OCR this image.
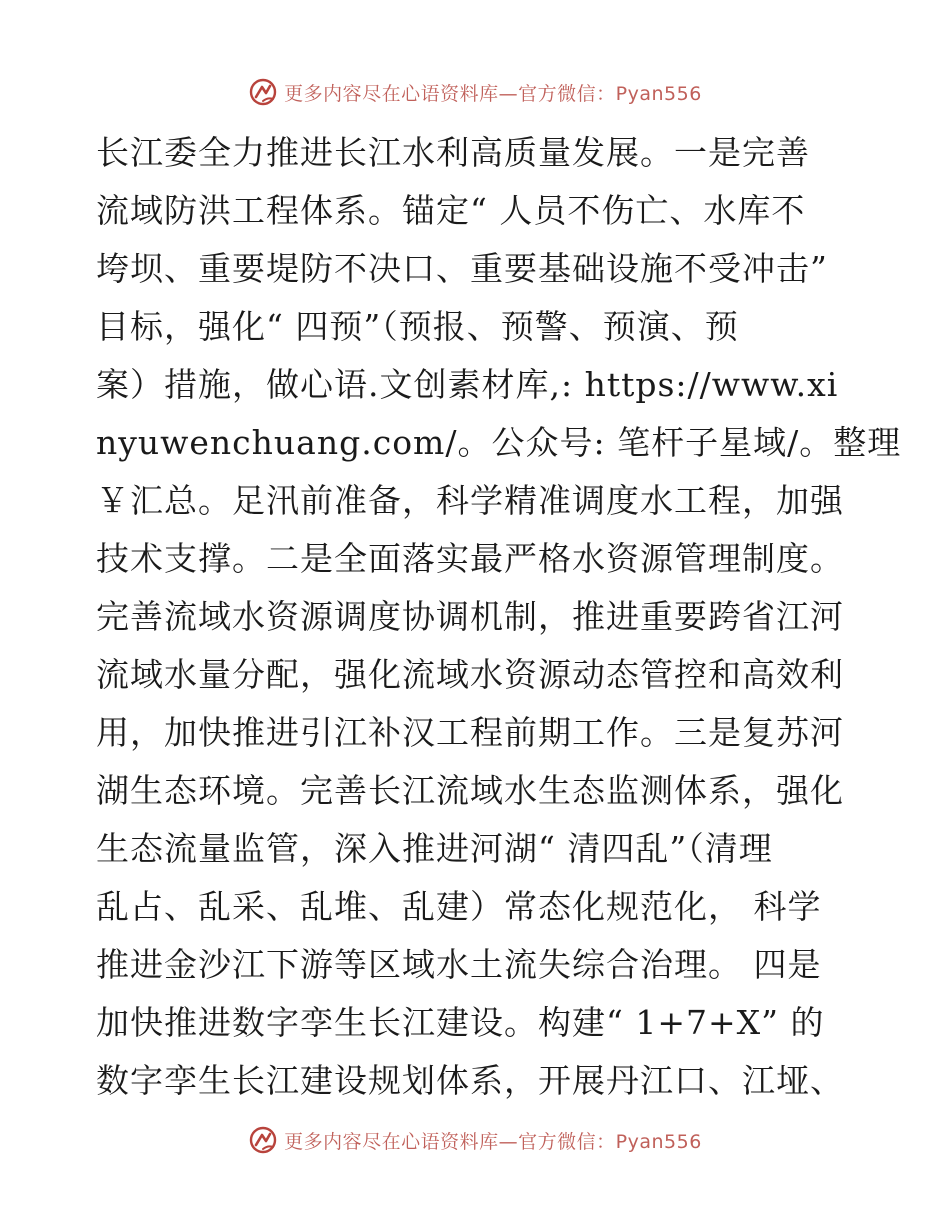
更多内容尽在心语资料库—官方微信：Pyan556
长江委全力推进长江水利高质量发展。一是完善
流域防洪工程体系。锚定“ 人员不伤亡、水库不
垮坝、重要堤防不决口、重要基础设施不受冲击”
目标，强化“ 四预”（预报、预警、预演、预
案）措施，做心语.文创素材库,: https://www.xi
nyuwenchuang.com/。公众号: 笔杆子星域/。整理
￥汇总。足汛前准备，科学精准调度水工程，加强
技术支撑。二是全面落实最严格水资源管理制度。
完善流域水资源调度协调机制，推进重要跨省江河
流域水量分配，强化流域水资源动态管控和高效利
用，加快推进引江补汉工程前期工作。三是复苏河
湖生态环境。完善长江流域水生态监测体系，强化
生态流量监管，深入推进河湖“ 清四乱”（清理
乱占、乱采、乱堆、乱建）常态化规范化， 科学
推进金沙江下游等区域水土流失综合治理。 四是
加快推进数字孪生长江建设。构建“ 1+7+X” 的
数字孪生长江建设规划体系，开展丹江口、江垭、
更多内容尽在心语资料库—官方微信：Pyan556
